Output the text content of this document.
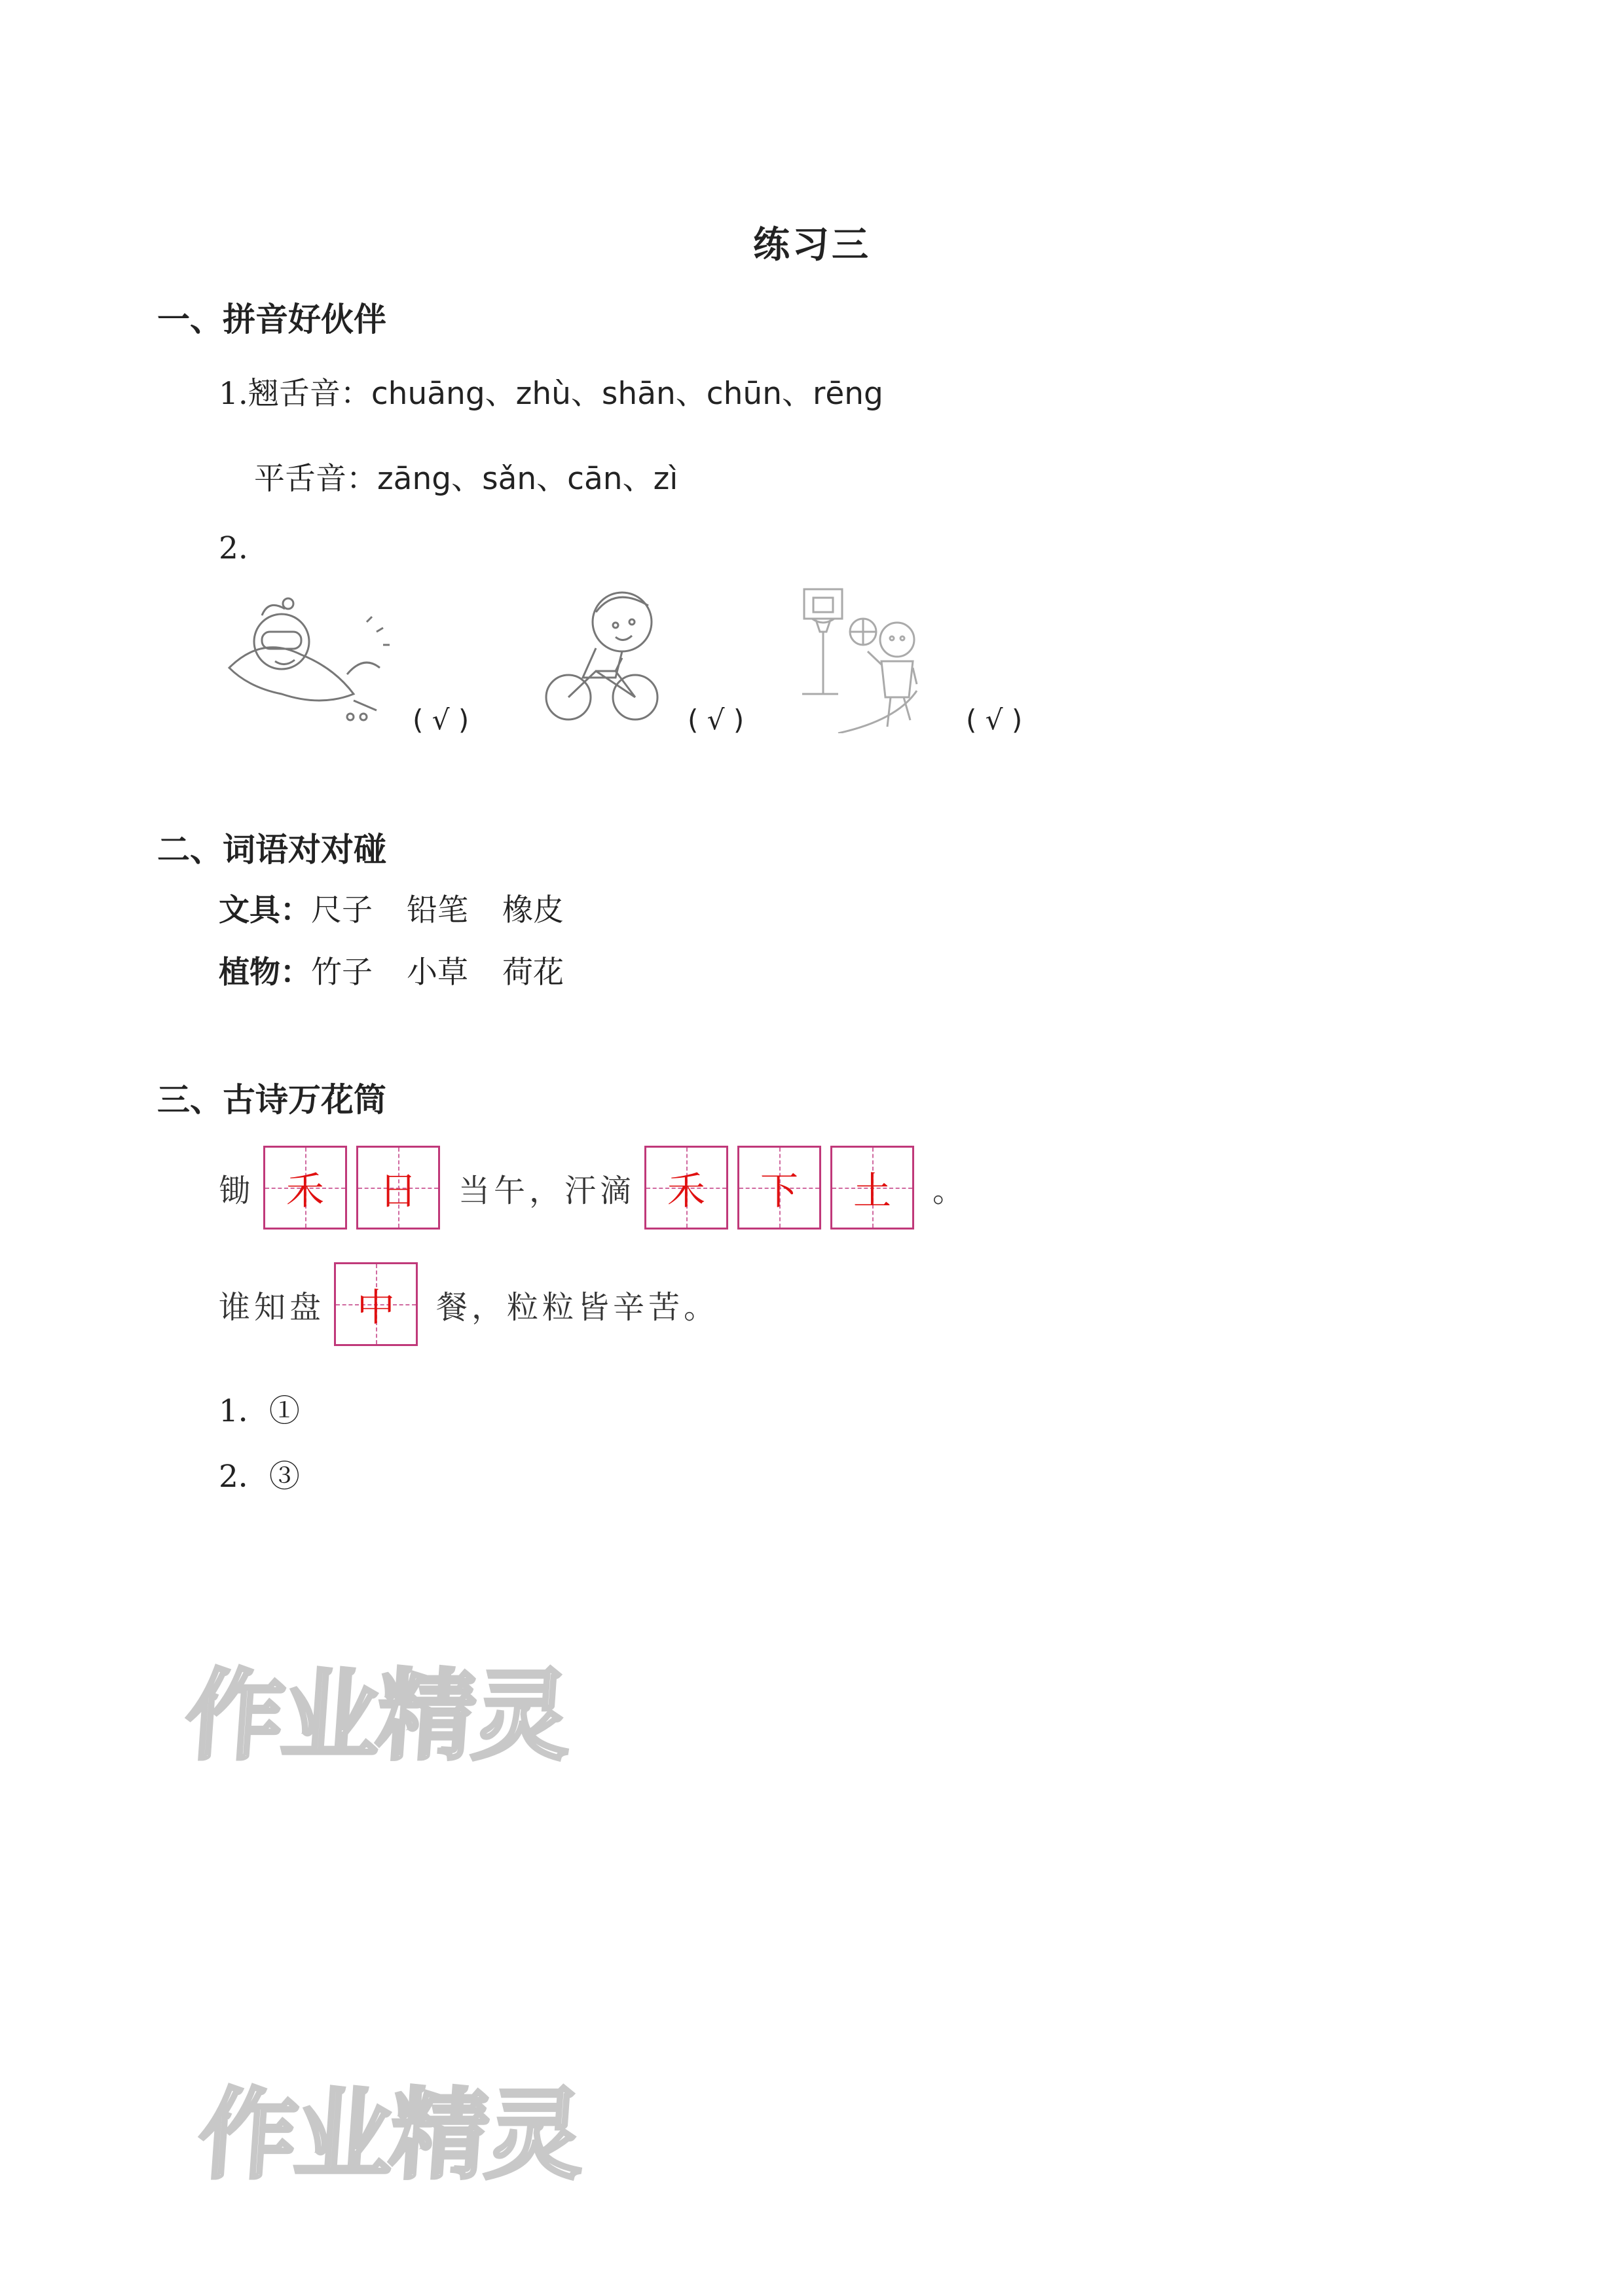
练习三
一、拼音好伙伴
1.翘舌音：chuāng、zhù、shān、chūn、rēng
平舌音：zāng、sǎn、cān、zì
2.
( √ )	( √ )	( √ )
二、词语对对碰
文具：尺子 铅笔 橡皮
植物：竹子 小草 荷花
三、古诗万花筒
锄 禾 日 当午，汗滴 禾 下 土 。
谁知盘 中 餐，粒粒皆辛苦。
1．①
2．③
作业精灵
作业精灵
